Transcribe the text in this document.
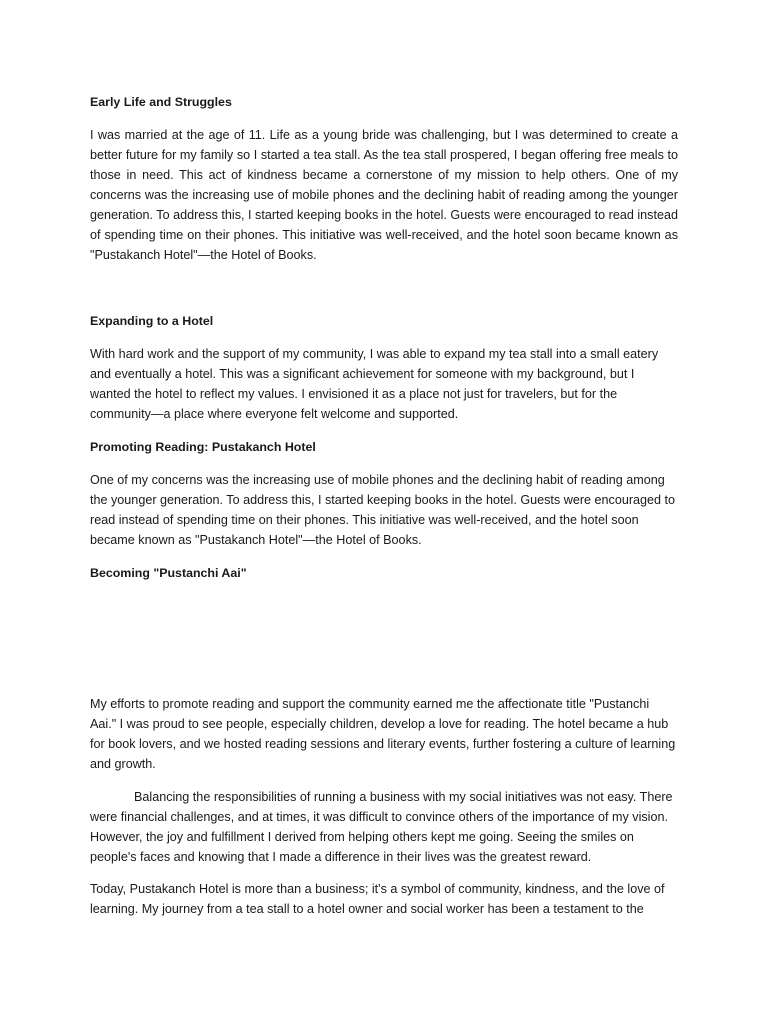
Early Life and Struggles

I was married at the age of 11. Life as a young bride was challenging, but I was determined to create a better future for my family so I started a tea stall. As the tea stall prospered, I began offering free meals to those in need. This act of kindness became a cornerstone of my mission to help others. One of my concerns was the increasing use of mobile phones and the declining habit of reading among the younger generation. To address this, I started keeping books in the hotel. Guests were encouraged to read instead of spending time on their phones. This initiative was well-received, and the hotel soon became known as "Pustakanch Hotel"—the Hotel of Books.

Expanding to a Hotel

With hard work and the support of my community, I was able to expand my tea stall into a small eatery and eventually a hotel. This was a significant achievement for someone with my background, but I wanted the hotel to reflect my values. I envisioned it as a place not just for travelers, but for the community—a place where everyone felt welcome and supported.

Promoting Reading: Pustakanch Hotel

One of my concerns was the increasing use of mobile phones and the declining habit of reading among the younger generation. To address this, I started keeping books in the hotel. Guests were encouraged to read instead of spending time on their phones. This initiative was well-received, and the hotel soon became known as "Pustakanch Hotel"—the Hotel of Books.

Becoming "Pustanchi Aai"

My efforts to promote reading and support the community earned me the affectionate title "Pustanchi Aai." I was proud to see people, especially children, develop a love for reading. The hotel became a hub for book lovers, and we hosted reading sessions and literary events, further fostering a culture of learning and growth.

Balancing the responsibilities of running a business with my social initiatives was not easy. There were financial challenges, and at times, it was difficult to convince others of the importance of my vision. However, the joy and fulfillment I derived from helping others kept me going. Seeing the smiles on people's faces and knowing that I made a difference in their lives was the greatest reward.

Today, Pustakanch Hotel is more than a business; it's a symbol of community, kindness, and the love of learning. My journey from a tea stall to a hotel owner and social worker has been a testament to the
